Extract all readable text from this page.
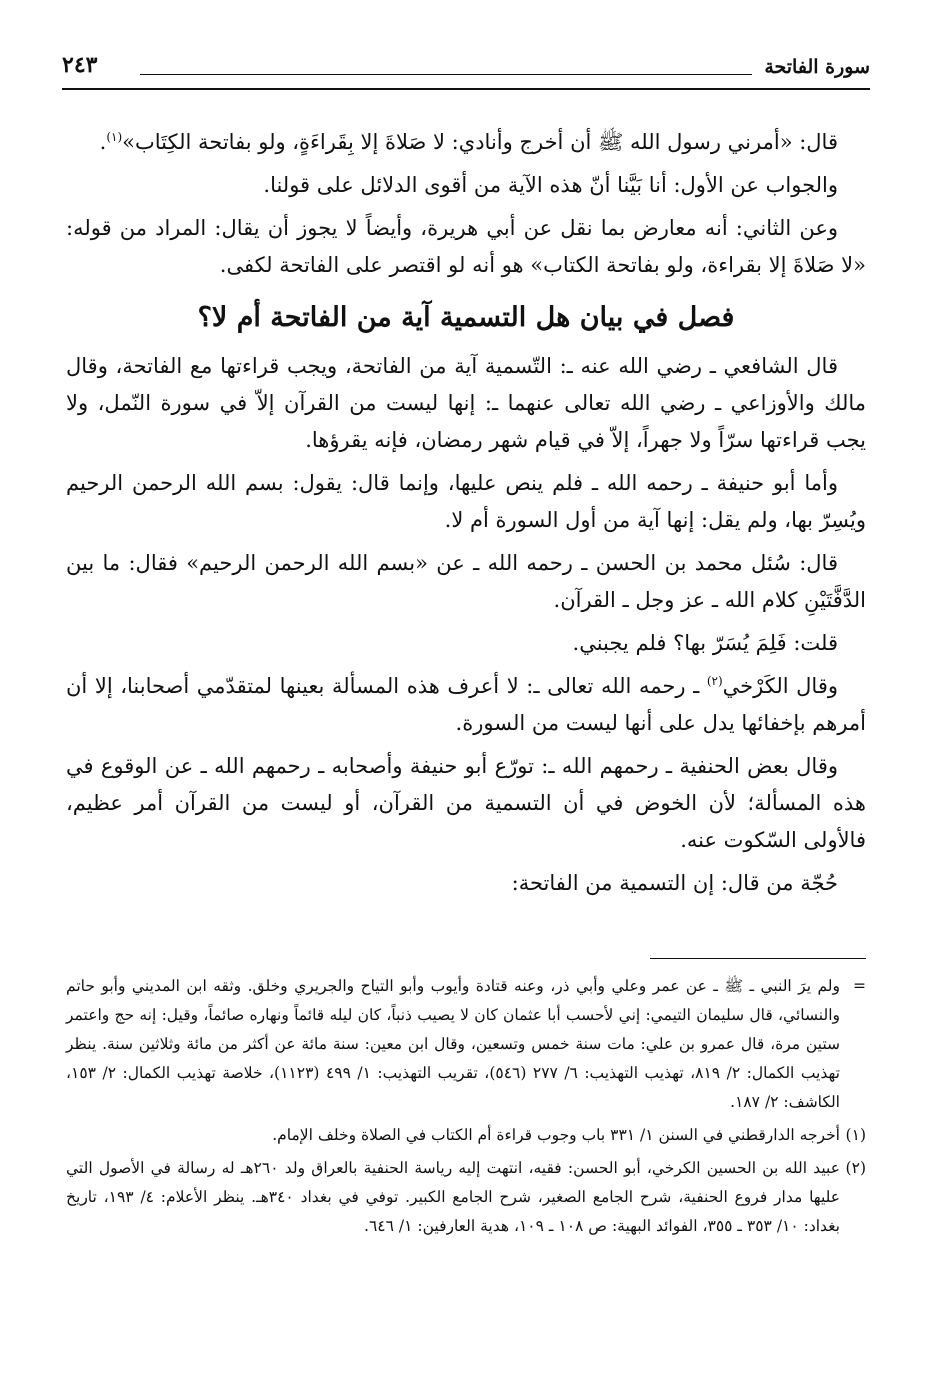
سورة الفاتحة
٢٤٣

قال: «أمرني رسول الله ﷺ أن أخرج وأنادي: لا صَلاةَ إلا بِقَراءَةٍ، ولو بفاتحة الكِتَاب»$^{(١)}$.

والجواب عن الأول: أنا بَيَّنا أنّ هذه الآية من أقوى الدلائل على قولنا.

وعن الثاني: أنه معارض بما نقل عن أبي هريرة، وأيضاً لا يجوز أن يقال: المراد من قوله: «لا صَلاةَ إلا بقراءة، ولو بفاتحة الكتاب» هو أنه لو اقتصر على الفاتحة لكفى.

فصل في بيان هل التسمية آية من الفاتحة أم لا؟

قال الشافعي ـ رضي الله عنه ـ: التّسمية آية من الفاتحة، ويجب قراءتها مع الفاتحة، وقال مالك والأوزاعي ـ رضي الله تعالى عنهما ـ: إنها ليست من القرآن إلاّ في سورة النّمل، ولا يجب قراءتها سرّاً ولا جهراً، إلاّ في قيام شهر رمضان، فإنه يقرؤها.

وأما أبو حنيفة ـ رحمه الله ـ فلم ينص عليها، وإنما قال: يقول: بسم الله الرحمن الرحيم ويُسِرّ بها، ولم يقل: إنها آية من أول السورة أم لا.

قال: سُئل محمد بن الحسن ـ رحمه الله ـ عن «بسم الله الرحمن الرحيم» فقال: ما بين الدَّفَّتَيْنِ كلام الله ـ عز وجل ـ القرآن.

قلت: فَلِمَ يُسَرّ بها؟ فلم يجبني.

وقال الكَرْخي$^{(٢)}$ ـ رحمه الله تعالى ـ: لا أعرف هذه المسألة بعينها لمتقدّمي أصحابنا، إلا أن أمرهم بإخفائها يدل على أنها ليست من السورة.

وقال بعض الحنفية ـ رحمهم الله ـ: تورّع أبو حنيفة وأصحابه ـ رحمهم الله ـ عن الوقوع في هذه المسألة؛ لأن الخوض في أن التسمية من القرآن، أو ليست من القرآن أمر عظيم، فالأولى السّكوت عنه.

حُجّة من قال: إن التسمية من الفاتحة:

=
ولم يرَ النبي ـ ﷺ ـ عن عمر وعلي وأبي ذر، وعنه قتادة وأيوب وأبو التياح والجريري وخلق. وثقه ابن المديني وأبو حاتم والنسائي، قال سليمان التيمي: إني لأحسب أبا عثمان كان لا يصيب ذنباً، كان ليله قائماً ونهاره صائماً، وقيل: إنه حج واعتمر ستين مرة، قال عمرو بن علي: مات سنة خمس وتسعين، وقال ابن معين: سنة مائة عن أكثر من مائة وثلاثين سنة. ينظر تهذيب الكمال: ٢/ ٨١٩، تهذيب التهذيب: ٦/ ٢٧٧ (٥٤٦)، تقريب التهذيب: ١/ ٤٩٩ (١١٢٣)، خلاصة تهذيب الكمال: ٢/ ١٥٣، الكاشف: ٢/ ١٨٧.

(١)
أخرجه الدارقطني في السنن ١/ ٣٣١ باب وجوب قراءة أم الكتاب في الصلاة وخلف الإمام.

(٢)
عبيد الله بن الحسين الكرخي، أبو الحسن: فقيه، انتهت إليه رياسة الحنفية بالعراق ولد ٢٦٠هـ له رسالة في الأصول التي عليها مدار فروع الحنفية، شرح الجامع الصغير، شرح الجامع الكبير. توفي في بغداد ٣٤٠هـ. ينظر الأعلام: ٤/ ١٩٣، تاريخ بغداد: ١٠/ ٣٥٣ ـ ٣٥٥، الفوائد البهية: ص ١٠٨ ـ ١٠٩، هدية العارفين: ١/ ٦٤٦.
